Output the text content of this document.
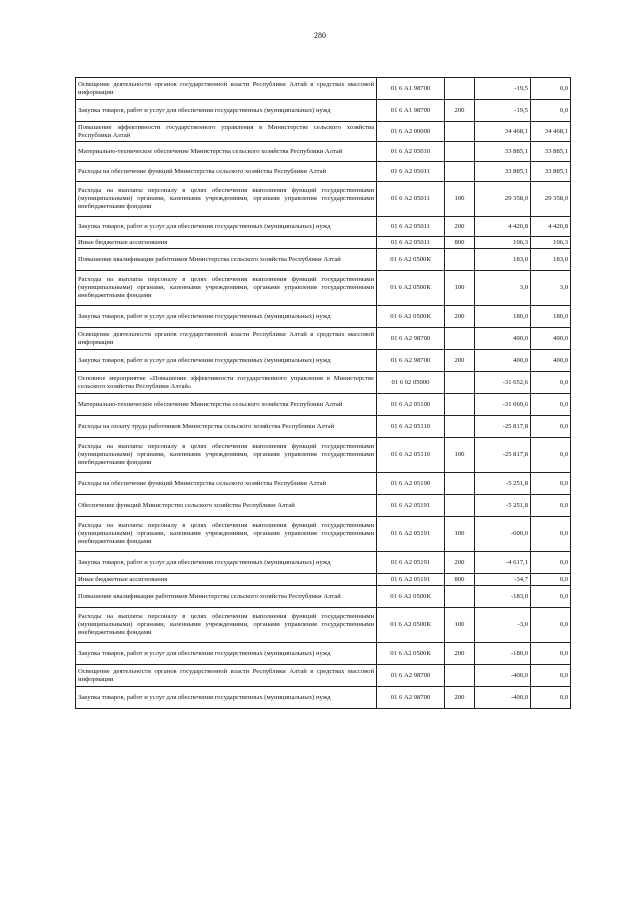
280
Освещение деятельности органов государственной власти Республики Алтай в средствах массовой информации	01 6 А1 98700		-19,5	0,0
Закупка товаров, работ и услуг для обеспечения государственных (муниципальных) нужд	01 6 А1 98700	200	-19,5	0,0
Повышение эффективности государственного управления в Министерстве сельского хозяйства Республики Алтай	01 6 А2 00000		34 468,1	34 468,1
Материально-техническое обеспечение Министерства сельского хозяйства Республики Алтай	01 6 А2 05010		33 885,1	33 885,1
Расходы на обеспечение функций Министерства сельского хозяйства Республики Алтай	01 6 А2 05011		33 885,1	33 885,1
Расходы на выплаты персоналу в целях обеспечения выполнения функций государственными (муниципальными) органами, казенными учреждениями, органами управления государственными внебюджетными фондами	01 6 А2 05011	100	29 358,0	29 358,0
Закупка товаров, работ и услуг для обеспечения государственных (муниципальных) нужд	01 6 А2 05011	200	4 420,8	4 420,8
Иные бюджетные ассигнования	01 6 А2 05011	800	106,3	106,3
Повышение квалификации работников Министерства сельского хозяйства Республики Алтай	01 6 А2 0500К		183,0	183,0
Расходы на выплаты персоналу в целях обеспечения выполнения функций государственными (муниципальными) органами, казенными учреждениями, органами управления государственными внебюджетными фондами	01 6 А2 0500К	100	3,0	3,0
Закупка товаров, работ и услуг для обеспечения государственных (муниципальных) нужд	01 6 А2 0500К	200	180,0	180,0
Освещение деятельности органов государственной власти Республики Алтай в средствах массовой информации	01 6 А2 98700		400,0	400,0
Закупка товаров, работ и услуг для обеспечения государственных (муниципальных) нужд	01 6 А2 98700	200	400,0	400,0
Основное мероприятие «Повышение эффективности государственного управления в Министерстве сельского хозяйства Республики Алтай»	01 6 02 05000		-31 652,6	0,0
Материально-техническое обеспечение Министерства сельского хозяйства Республики Алтай	01 6 А2 05100		-31 069,6	0,0
Расходы на оплату труда работников Министерства сельского хозяйства Республики Алтай	01 6 А2 05110		-25 817,8	0,0
Расходы на выплаты персоналу в целях обеспечения выполнения функций государственными (муниципальными) органами, казенными учреждениями, органами управления государственными внебюджетными фондами	01 6 А2 05110	100	-25 817,8	0,0
Расходы на обеспечение функций Министерства сельского хозяйства Республики Алтай	01 6 А2 05190		-5 251,8	0,0
Обеспечение функций Министерство сельского хозяйства Республики Алтай	01 6 А2 05191		-5 251,8	0,0
Расходы на выплаты персоналу в целях обеспечения выполнения функций государственными (муниципальными) органами, казенными учреждениями, органами управления государственными внебюджетными фондами	01 6 А2 05191	100	-600,0	0,0
Закупка товаров, работ и услуг для обеспечения государственных (муниципальных) нужд	01 6 А2 05191	200	-4 617,1	0,0
Иные бюджетные ассигнования	01 6 А2 05191	800	-34,7	0,0
Повышение квалификации работников Министерства сельского хозяйства Республики Алтай	01 6 А2 0500К		-183,0	0,0
Расходы на выплаты персоналу в целях обеспечения выполнения функций государственными (муниципальными) органами, казенными учреждениями, органами управления государственными внебюджетными фондами	01 6 А2 0500К	100	-3,0	0,0
Закупка товаров, работ и услуг для обеспечения государственных (муниципальных) нужд	01 6 А2 0500К	200	-180,0	0,0
Освещение деятельности органов государственной власти Республики Алтай в средствах массовой информации	01 6 А2 98700		-400,0	0,0
Закупка товаров, работ и услуг для обеспечения государственных (муниципальных) нужд	01 6 А2 98700	200	-400,0	0,0
